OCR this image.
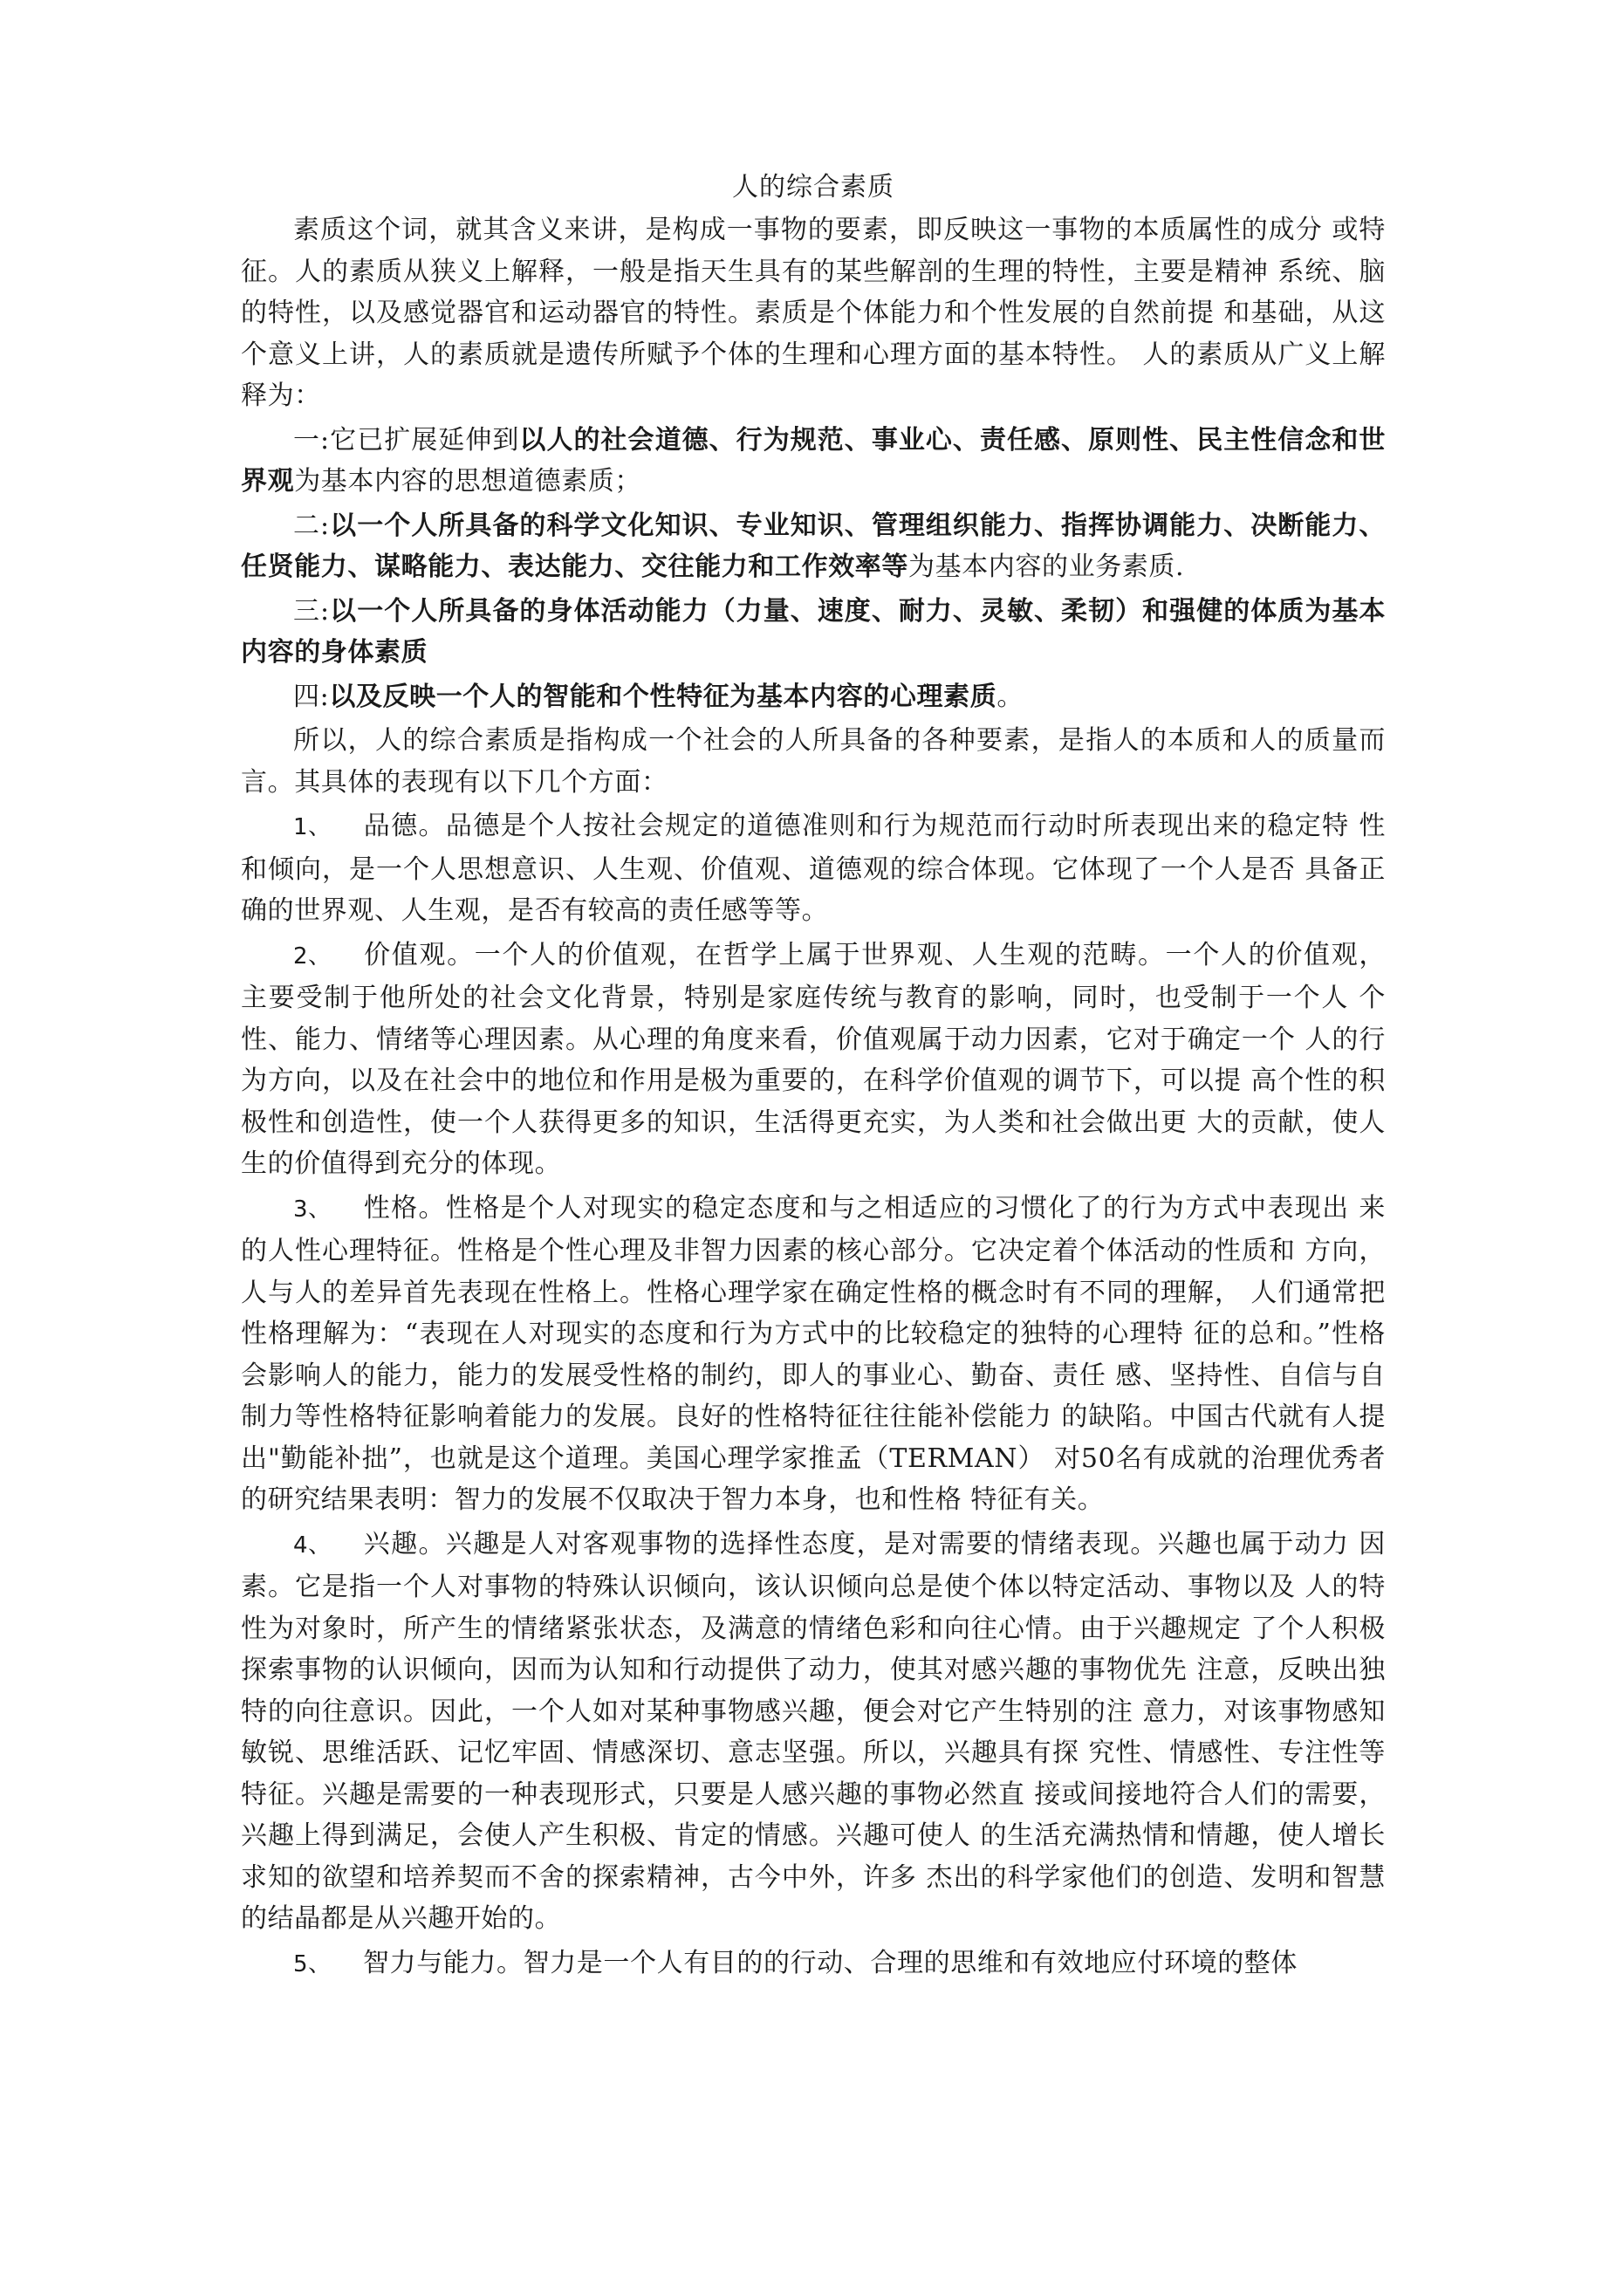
人的综合素质

素质这个词，就其含义来讲，是构成一事物的要素，即反映这一事物的本质属性的成分 或特征。人的素质从狭义上解释，一般是指天生具有的某些解剖的生理的特性，主要是精神 系统、脑的特性，以及感觉器官和运动器官的特性。素质是个体能力和个性发展的自然前提 和基础，从这个意义上讲，人的素质就是遗传所赋予个体的生理和心理方面的基本特性。 人的素质从广义上解释为：

一:它已扩展延伸到以人的社会道德、行为规范、事业心、责任感、原则性、民主性信念和世界观为基本内容的思想道德素质；

二:以一个人所具备的科学文化知识、专业知识、管理组织能力、指挥协调能力、决断能力、任贤能力、谋略能力、表达能力、交往能力和工作效率等为基本内容的业务素质.

三:以一个人所具备的身体活动能力（力量、速度、耐力、灵敏、柔韧）和强健的体质为基本内容的身体素质

四:以及反映一个人的智能和个性特征为基本内容的心理素质。

所以，人的综合素质是指构成一个社会的人所具备的各种要素，是指人的本质和人的质量而言。其具体的表现有以下几个方面：

1、 品德。品德是个人按社会规定的道德准则和行为规范而行动时所表现出来的稳定特 性和倾向，是一个人思想意识、人生观、价值观、道德观的综合体现。它体现了一个人是否 具备正确的世界观、人生观，是否有较高的责任感等等。

2、 价值观。一个人的价值观，在哲学上属于世界观、人生观的范畴。一个人的价值观， 主要受制于他所处的社会文化背景，特别是家庭传统与教育的影响，同时，也受制于一个人 个性、能力、情绪等心理因素。从心理的角度来看，价值观属于动力因素，它对于确定一个 人的行为方向，以及在社会中的地位和作用是极为重要的，在科学价值观的调节下，可以提 高个性的积极性和创造性，使一个人获得更多的知识，生活得更充实，为人类和社会做出更 大的贡献，使人生的价值得到充分的体现。

3、 性格。性格是个人对现实的稳定态度和与之相适应的习惯化了的行为方式中表现出 来的人性心理特征。性格是个性心理及非智力因素的核心部分。它决定着个体活动的性质和 方向，人与人的差异首先表现在性格上。性格心理学家在确定性格的概念时有不同的理解， 人们通常把性格理解为：“表现在人对现实的态度和行为方式中的比较稳定的独特的心理特 征的总和。”性格会影响人的能力，能力的发展受性格的制约，即人的事业心、勤奋、责任 感、坚持性、自信与自制力等性格特征影响着能力的发展。良好的性格特征往往能补偿能力 的缺陷。中国古代就有人提出"勤能补拙”，也就是这个道理。美国心理学家推孟（TERMAN） 对50名有成就的治理优秀者的研究结果表明：智力的发展不仅取决于智力本身，也和性格 特征有关。

4、 兴趣。兴趣是人对客观事物的选择性态度，是对需要的情绪表现。兴趣也属于动力 因素。它是指一个人对事物的特殊认识倾向，该认识倾向总是使个体以特定活动、事物以及 人的特性为对象时，所产生的情绪紧张状态，及满意的情绪色彩和向往心情。由于兴趣规定 了个人积极探索事物的认识倾向，因而为认知和行动提供了动力，使其对感兴趣的事物优先 注意，反映出独特的向往意识。因此，一个人如对某种事物感兴趣，便会对它产生特别的注 意力，对该事物感知敏锐、思维活跃、记忆牢固、情感深切、意志坚强。所以，兴趣具有探 究性、情感性、专注性等特征。兴趣是需要的一种表现形式，只要是人感兴趣的事物必然直 接或间接地符合人们的需要，兴趣上得到满足，会使人产生积极、肯定的情感。兴趣可使人 的生活充满热情和情趣，使人增长求知的欲望和培养契而不舍的探索精神，古今中外，许多 杰出的科学家他们的创造、发明和智慧的结晶都是从兴趣开始的。

5、 智力与能力。智力是一个人有目的的行动、合理的思维和有效地应付环境的整体
